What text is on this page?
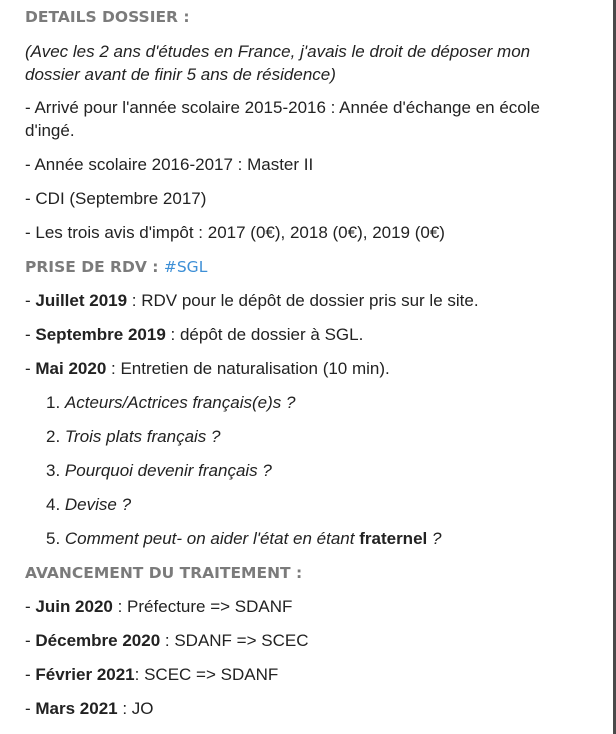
DETAILS DOSSIER :

(Avec les 2 ans d'études en France, j'avais le droit de déposer mon

dossier avant de finir 5 ans de résidence)

- Arrivé pour l'année scolaire 2015-2016 : Année d'échange en école

d'ingé.

- Année scolaire 2016-2017 : Master II

- CDI (Septembre 2017)

- Les trois avis d'impôt : 2017 (0€), 2018 (0€), 2019 (0€)

PRISE DE RDV : #SGL

- Juillet 2019 : RDV pour le dépôt de dossier pris sur le site.

- Septembre 2019 : dépôt de dossier à SGL.

- Mai 2020 : Entretien de naturalisation (10 min).

1. Acteurs/Actrices français(e)s ?
2. Trois plats français ?
3. Pourquoi devenir français ?
4. Devise ?
5. Comment peut- on aider l'état en étant fraternel ?

AVANCEMENT DU TRAITEMENT :

- Juin 2020 : Préfecture => SDANF

- Décembre 2020 : SDANF => SCEC

- Février 2021: SCEC => SDANF

- Mars 2021 : JO
